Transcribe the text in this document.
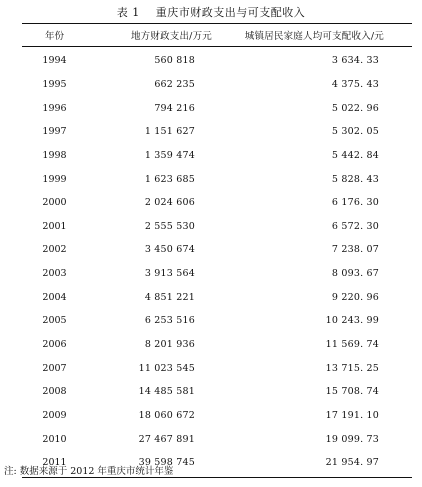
表 1    重庆市财政支出与可支配收入
年份	地方财政支出/万元	城镇居民家庭人均可支配收入/元
1994	560 818	3 634. 33
1995	662 235	4 375. 43
1996	794 216	5 022. 96
1997	1 151 627	5 302. 05
1998	1 359 474	5 442. 84
1999	1 623 685	5 828. 43
2000	2 024 606	6 176. 30
2001	2 555 530	6 572. 30
2002	3 450 674	7 238. 07
2003	3 913 564	8 093. 67
2004	4 851 221	9 220. 96
2005	6 253 516	10 243. 99
2006	8 201 936	11 569. 74
2007	11 023 545	13 715. 25
2008	14 485 581	15 708. 74
2009	18 060 672	17 191. 10
2010	27 467 891	19 099. 73
2011	39 598 745	21 954. 97
注: 数据来源于 2012 年重庆市统计年鉴
